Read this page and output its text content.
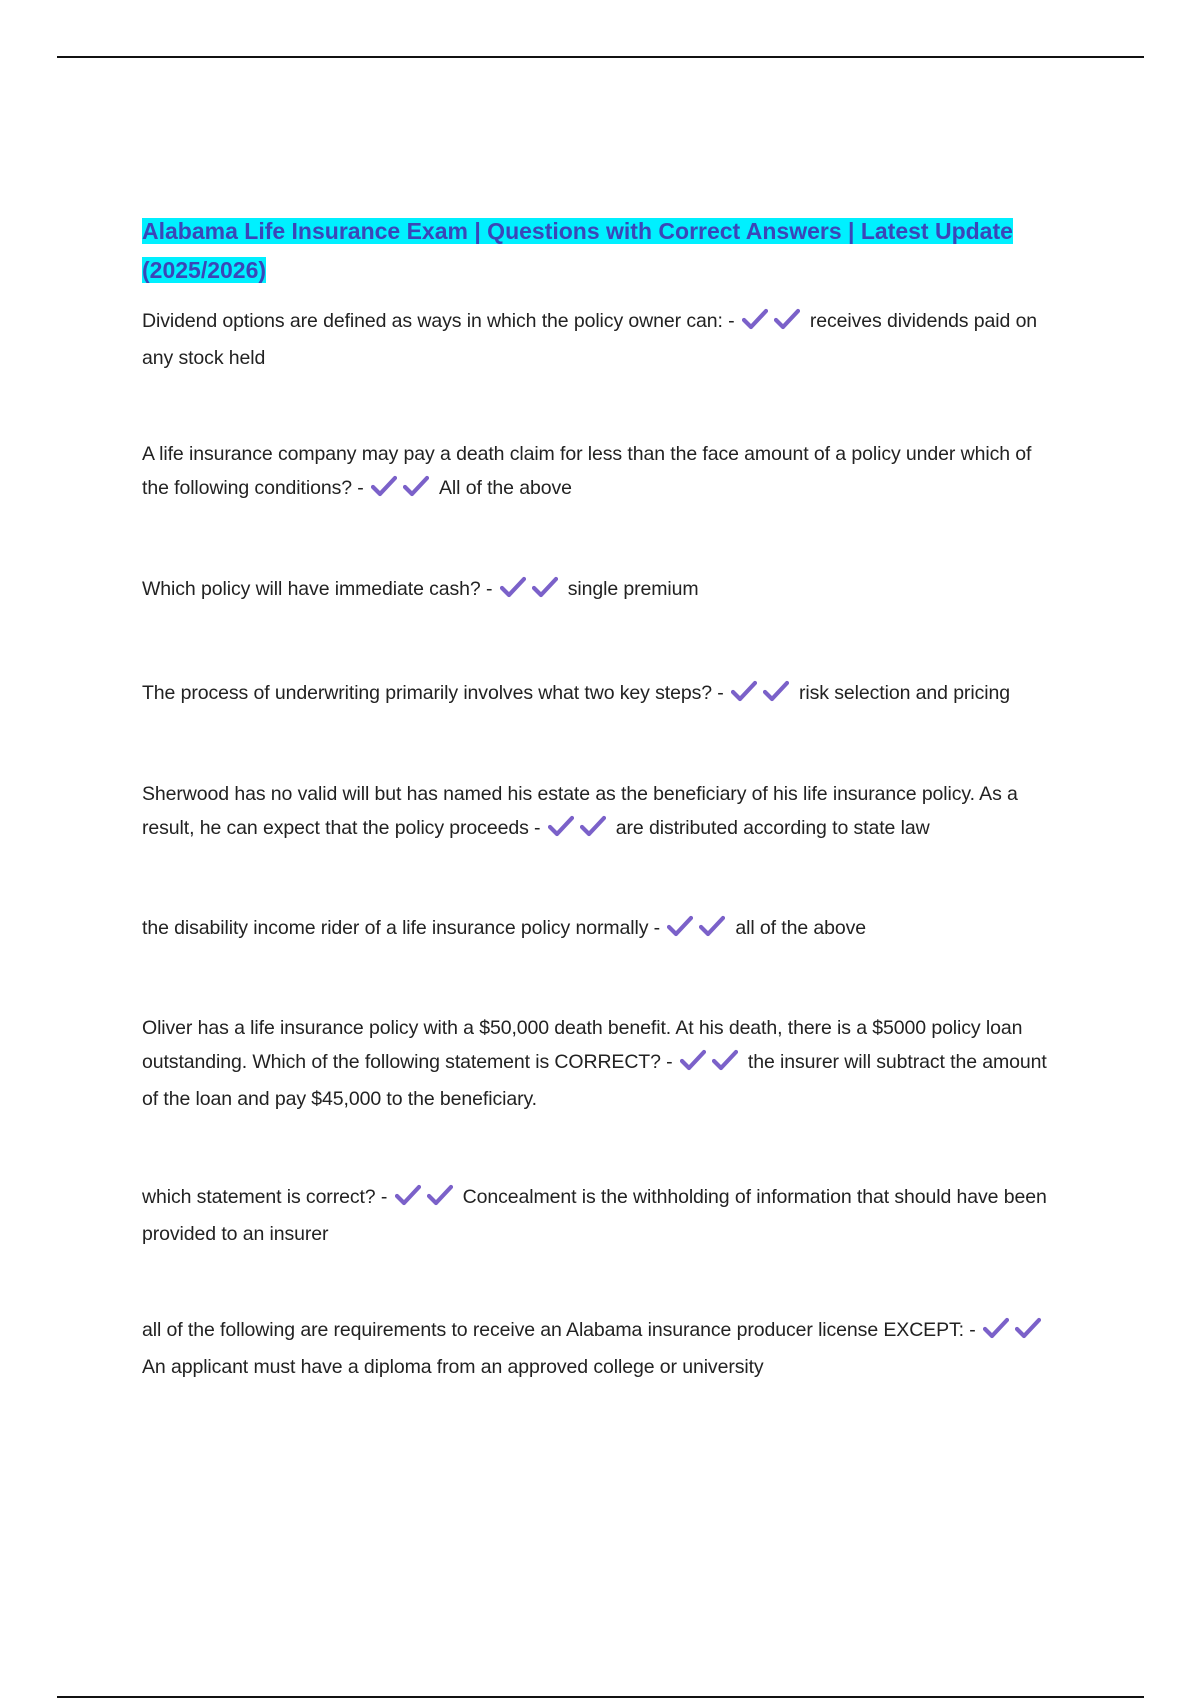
Alabama Life Insurance Exam | Questions with Correct Answers | Latest Update (2025/2026)

Dividend options are defined as ways in which the policy owner can: -	receives dividends paid on any stock held

A life insurance company may pay a death claim for less than the face amount of a policy under which of the following conditions? -	All of the above

Which policy will have immediate cash? -	single premium

The process of underwriting primarily involves what two key steps? -	risk selection and pricing

Sherwood has no valid will but has named his estate as the beneficiary of his life insurance policy. As a result, he can expect that the policy proceeds -	are distributed according to state law

the disability income rider of a life insurance policy normally -	all of the above

Oliver has a life insurance policy with a $50,000 death benefit. At his death, there is a $5000 policy loan outstanding. Which of the following statement is CORRECT? -	the insurer will subtract the amount of the loan and pay $45,000 to the beneficiary.

which statement is correct? -	Concealment is the withholding of information that should have been provided to an insurer

all of the following are requirements to receive an Alabama insurance producer license EXCEPT: -
An applicant must have a diploma from an approved college or university
